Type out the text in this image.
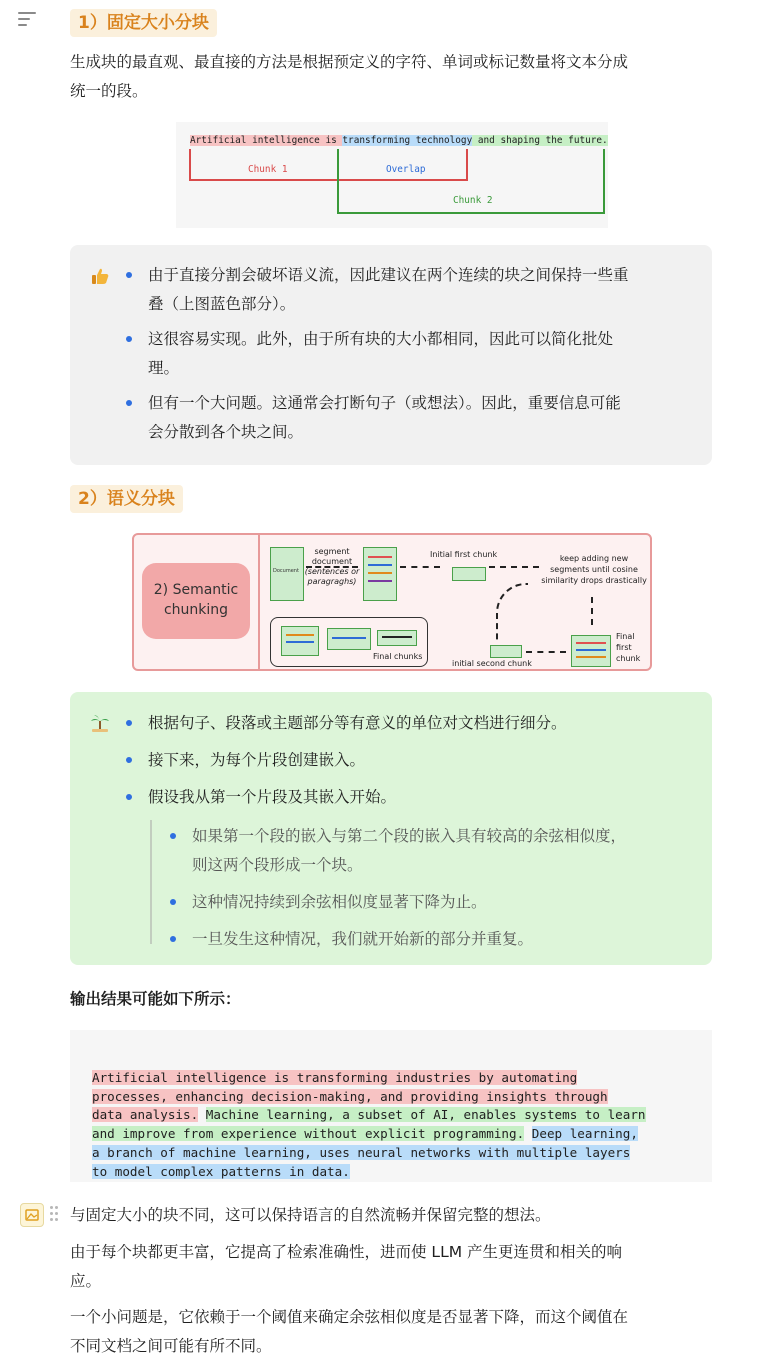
1）固定大小分块
生成块的最直观、最直接的方法是根据预定义的字符、单词或标记数量将文本分成
统一的段。
Artificial intelligence is transforming technology and shaping the future.
Chunk 1	Overlap
Chunk 2
由于直接分割会破坏语义流，因此建议在两个连续的块之间保持一些重
叠（上图蓝色部分）。
这很容易实现。此外，由于所有块的大小都相同，因此可以简化批处
理。
但有一个大问题。这通常会打断句子（或想法）。因此，重要信息可能
会分散到各个块之间。
2）语义分块
2) Semantic
chunking
Document
segment
document
(sentences or
paragraghs)
Initial first chunk	keep adding new
segments until cosine
similarity drops drastically
Final
first
chunk
initial second chunk
Final chunks
根据句子、段落或主题部分等有意义的单位对文档进行细分。
接下来，为每个片段创建嵌入。
假设我从第一个片段及其嵌入开始。
如果第一个段的嵌入与第二个段的嵌入具有较高的余弦相似度，
则这两个段形成一个块。
这种情况持续到余弦相似度显著下降为止。
一旦发生这种情况，我们就开始新的部分并重复。
输出结果可能如下所示：

Artificial intelligence is transforming industries by automating
processes, enhancing decision-making, and providing insights through
data analysis. Machine learning, a subset of AI, enables systems to learn
and improve from experience without explicit programming. Deep learning,
a branch of machine learning, uses neural networks with multiple layers
to model complex patterns in data.
与固定大小的块不同，这可以保持语言的自然流畅并保留完整的想法。
由于每个块都更丰富，它提高了检索准确性，进而使 LLM 产生更连贯和相关的响
应。
一个小问题是，它依赖于一个阈值来确定余弦相似度是否显著下降，而这个阈值在
不同文档之间可能有所不同。
